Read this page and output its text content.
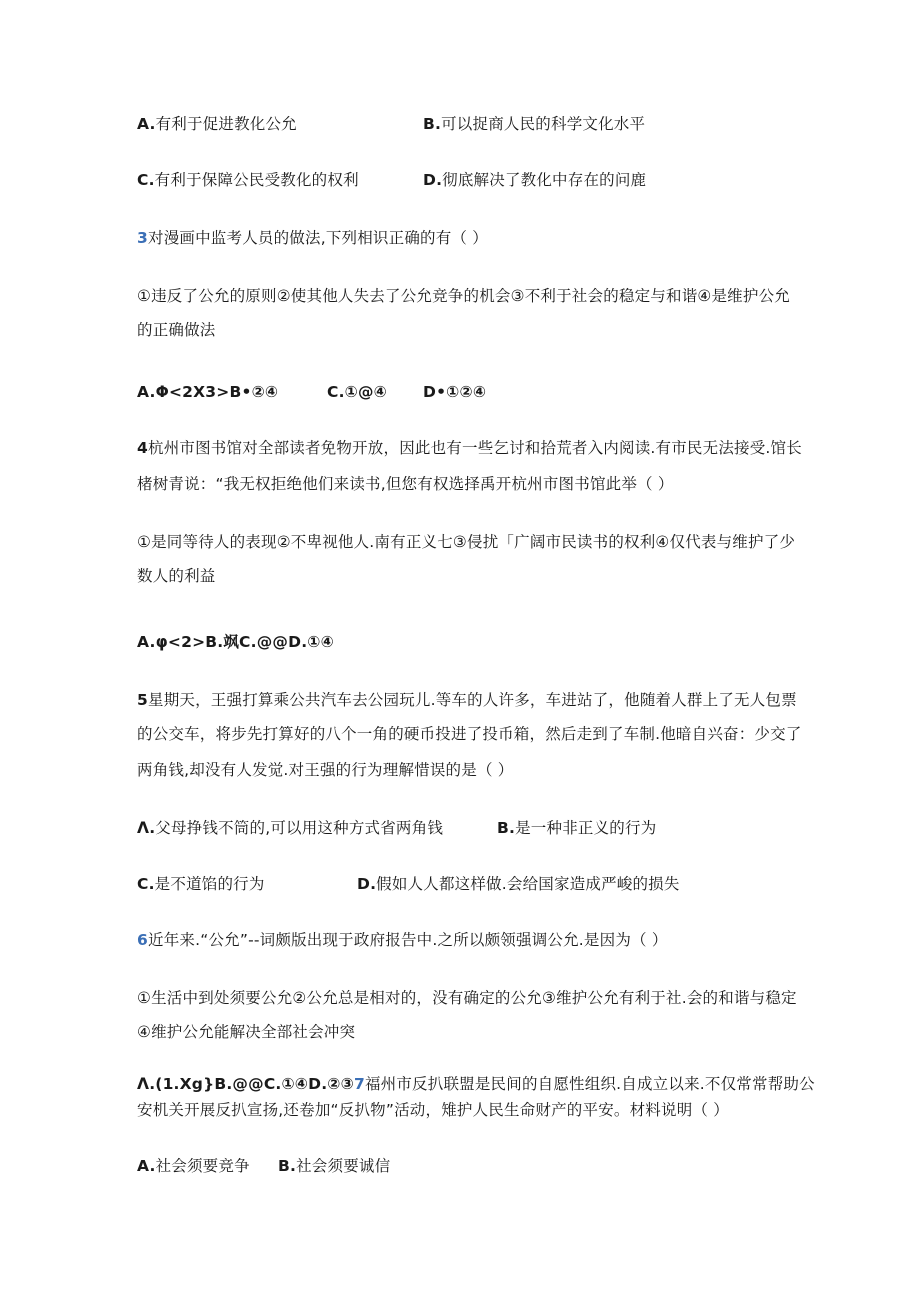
A.有利于促进教化公允	B.可以捉商人民的科学文化水平
C.有利于保障公民受教化的权利	D.彻底解决了教化中存在的问鹿
3对漫画中监考人员的做法,下列相识正确的有（ ）
①违反了公允的原则②使其他人失去了公允竞争的机会③不利于社会的稳定与和谐④是维护公允
的正确做法
A.Φ<2X3>B•②④	C.①@④ D•①②④
4杭州市图书馆对全部读者免物开放，因此也有一些乞讨和拾荒者入内阅读.有市民无法接受.馆长
楮树青说：“我无权拒绝他们来读书,但您有权选择禹开杭州市图书馆此举（ ）
①是同等待人的表现②不卑视他人.南有正义七③侵扰「广阔市民读书的权利④仅代表与维护了少
数人的利益
A.φ<2>B.飒C.@@D.①④
5星期天，王强打算乘公共汽车去公园玩儿.等车的人许多，车进站了，他随着人群上了无人包票
的公交车，将步先打算好的八个一角的硬币投进了投币箱，然后走到了车制.他暗自兴奋：少交了
两角钱,却没有人发觉.对王强的行为理解惜误的是（ ）
Λ.父母挣钱不筒的,可以用这种方式省两角钱	B.是一种非正义的行为
C.是不道馅的行为	D.假如人人都这样做.会给国家造成严峻的损失
6近年来.“公允”--词颇版出现于政府报告中.之所以颇领强调公允.是因为（ ）
①生活中到处须要公允②公允总是相对的，没有确定的公允③维护公允有利于社.会的和谐与稳定
④维护公允能解决全部社会冲突
Λ.(1.Xg}B.@@C.①④D.②③7福州市反扒联盟是民间的自愿性组织.自成立以来.不仅常常帮助公
安机关开展反扒宣扬,还卷加“反扒物”活动，雉护人民生命财产的平安。材料说明（ ）
A.社会须要竞争 B.社会须要诚信
